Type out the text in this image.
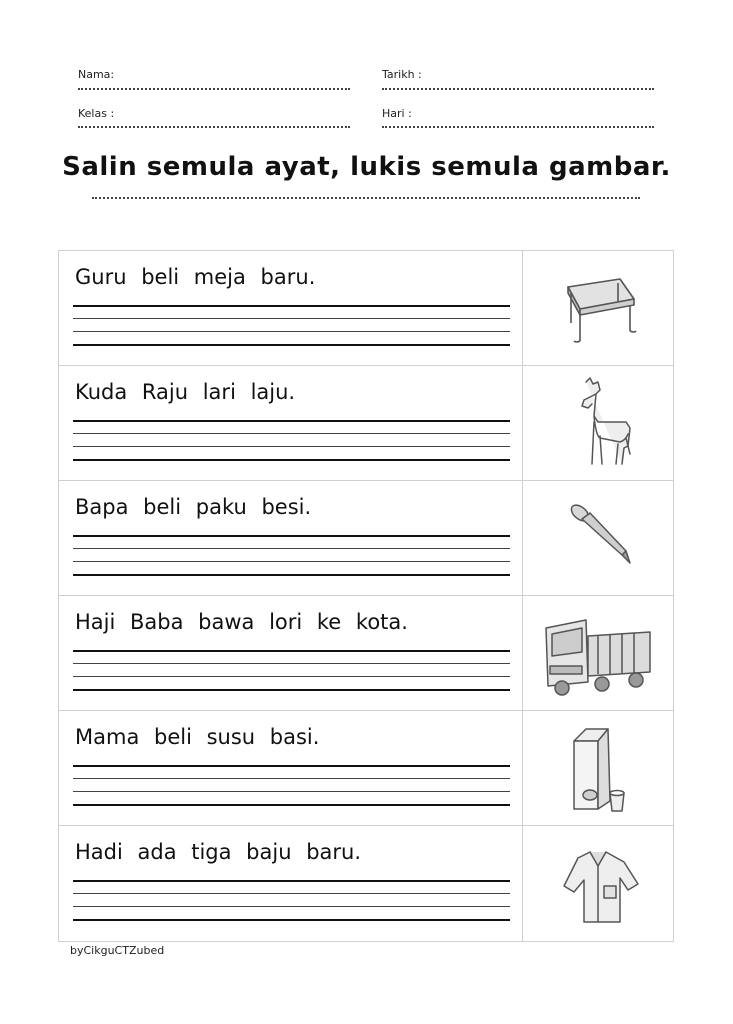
Nama:	Tarikh :
Kelas :	Hari :
Salin semula ayat, lukis semula gambar.
Guru beli meja baru.
Kuda Raju lari laju.
Bapa beli paku besi.
Haji Baba bawa lori ke kota.
Mama beli susu basi.
Hadi ada tiga baju baru.
byCikguCTZubed
